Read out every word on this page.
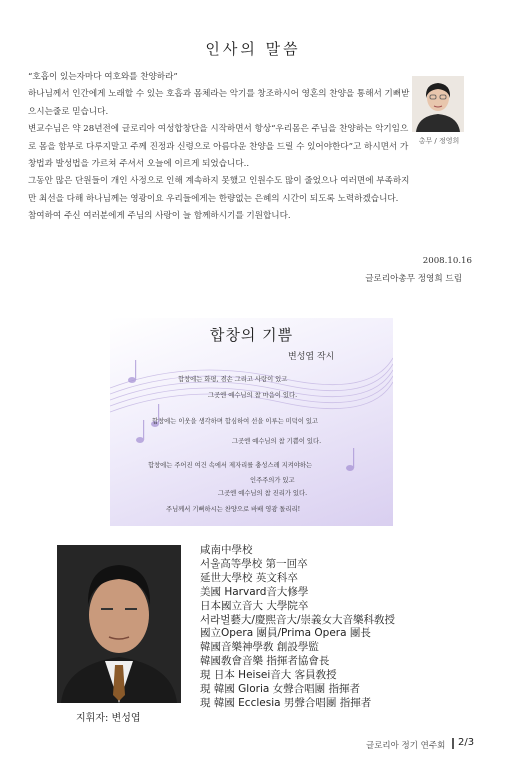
인사의 말씀

“호흡이 있는자마다 여호와를 찬양하라”

하나님께서 인간에게 노래할 수 있는 호흡과 몸체라는 악기를 창조하시어 영혼의 찬양을 통해서 기뻐받으시는줄로 믿습니다.

변교수님은 약 28년전에 글로리아 여성합창단을 시작하면서 항상“우리몸은 주님을 찬양하는 악기임으로 몸을 함부로 다루지말고 주께 진정과 신령으로 아름다운 찬양을 드릴 수 있어야한다”고 하시면서 가창법과 발성법을 가르쳐 주셔서 오늘에 이르게 되었습니다..

그동안 많은 단원들이 개인 사정으로 인해 계속하지 못했고 인원수도 많이 줄었으나 여러면에 부족하지만 최선을 다해 하나님께는 영광이요 우리들에게는 한량없는 은혜의 시간이 되도록 노력하겠습니다.

참여하여 주신 여러분에게 주님의 사랑이 늘 함께하시기를 기원합니다.

총무 / 정영희
2008.10.16
글로리아총무 정영희 드림
합창의 기쁨
변성엽 작시
합창에는 화평, 겸손 그리고 사랑이 있고
그곳엔 예수님의 참 마음이 있다.
합창에는 이웃을 생각하며 합심하여 선을 이루는 미덕이 있고
그곳엔 예수님의 참 기쁨이 있다.
합창에는 주어진 여건 속에서 제자리를 충성스레 지켜야하는
인주주의가 있고
그곳엔 예수님의 참 진리가 있다.
주님께서 기뻐하시는 찬양으로 바배 영광 돌리리!
지휘자: 변성엽
咸南中學校
서울高等學校 第一回卒
延世大學校 英文科卒
美國 Harvard音大修學
日本國立音大 大學院卒
서라벌藝大/慶熙音大/崇義女大音樂科敎授
國立Opera 團員/Prima Opera 團長
韓國音樂神學敎 創設學監
韓國敎會音樂 指揮者協會長
現 日本 Heisei音大 客員敎授
現 韓國 Gloria 女聲合唱團 指揮者
現 韓國 Ecclesia 男聲合唱團 指揮者
글로리아 정기 연주회 2/3
